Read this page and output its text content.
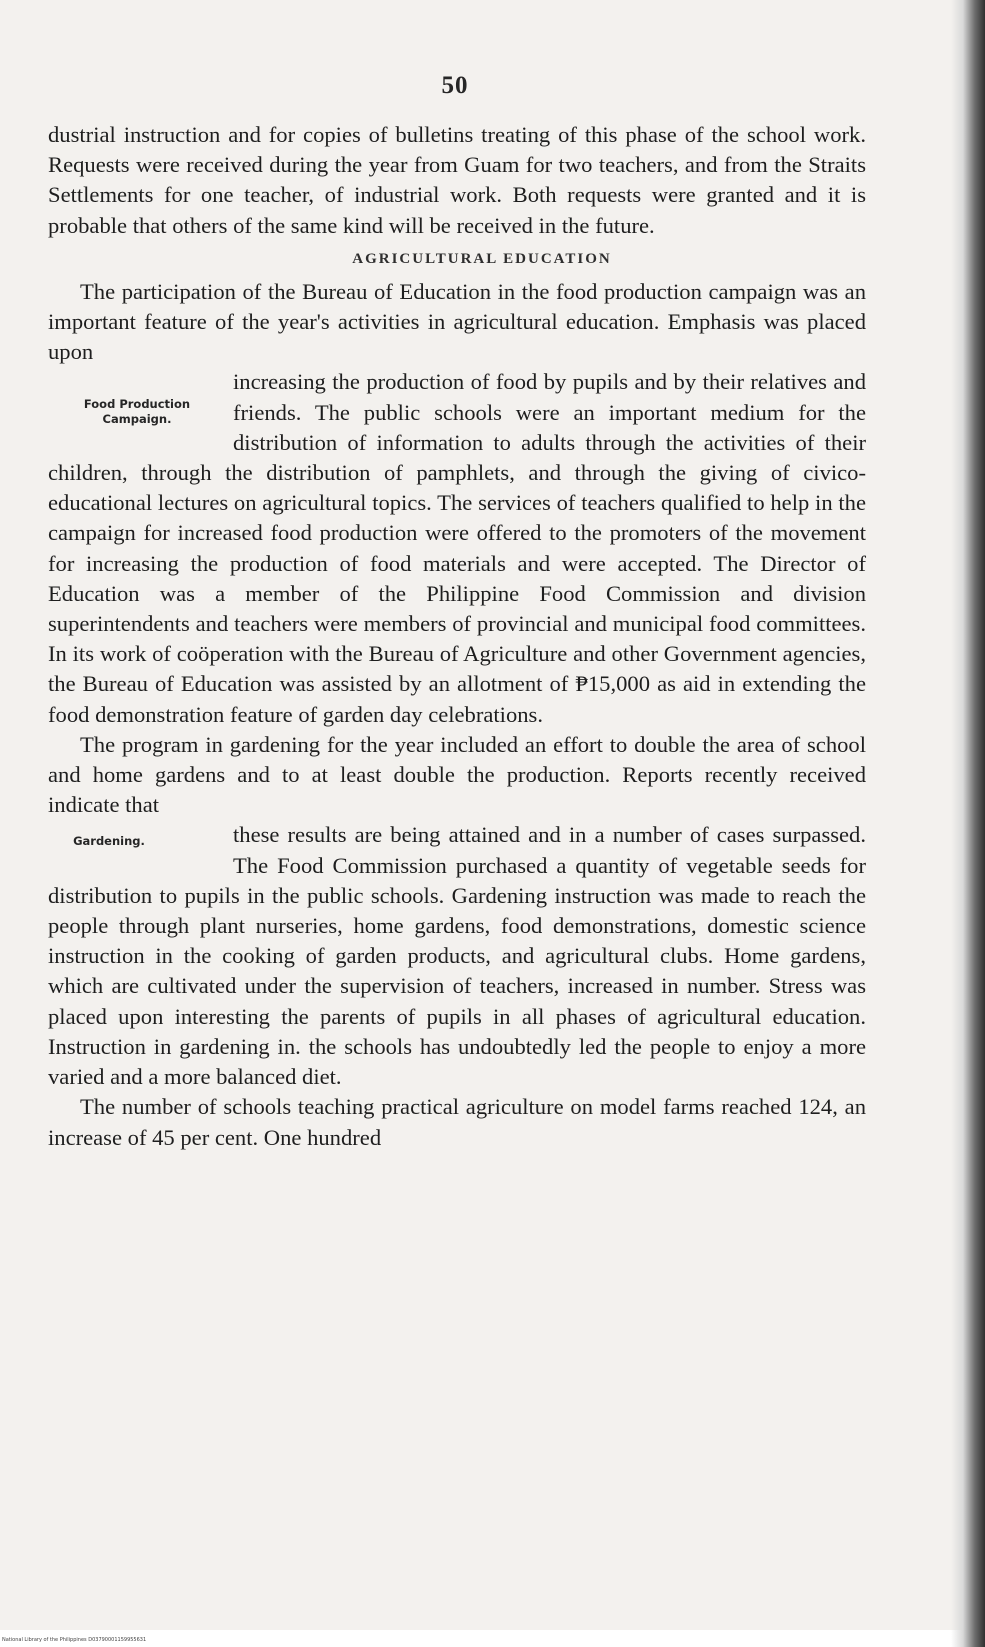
50

dustrial instruction and for copies of bulletins treating of this phase of the school work. Requests were received during the year from Guam for two teachers, and from the Straits Settlements for one teacher, of industrial work. Both requests were granted and it is probable that others of the same kind will be received in the future.

AGRICULTURAL EDUCATION

The participation of the Bureau of Education in the food production campaign was an important feature of the year's activities in agricultural education. Emphasis was placed upon

Food Production Campaign.

increasing the production of food by pupils and by their relatives and friends. The public schools were an important medium for the distribution of information to adults through the activities of their children, through the distribution of pamphlets, and through the giving of civico-educational lectures on agricultural topics. The services of teachers qualified to help in the campaign for increased food production were offered to the promoters of the movement for increasing the production of food materials and were accepted. The Director of Education was a member of the Philippine Food Commission and division superintendents and teachers were members of provincial and municipal food committees. In its work of coöperation with the Bureau of Agriculture and other Government agencies, the Bureau of Education was assisted by an allotment of ₱15,000 as aid in extending the food demonstration feature of garden day celebrations.

The program in gardening for the year included an effort to double the area of school and home gardens and to at least double the production. Reports recently received indicate that

Gardening.	these results are being attained and in a number of cases surpassed. The Food Commission purchased a quantity of vegetable seeds for distribution to pupils in the public schools. Gardening instruction was made to reach the people through plant nurseries, home gardens, food demonstrations, domestic science instruction in the cooking of garden products, and agricultural clubs. Home gardens, which are cultivated under the supervision of teachers, increased in number. Stress was placed upon interesting the parents of pupils in all phases of agricultural education. Instruction in gardening in. the schools has undoubtedly led the people to enjoy a more varied and a more balanced diet.

The number of schools teaching practical agriculture on model farms reached 124, an increase of 45 per cent. One hundred

National Library of the Philippines D03790001159955631
